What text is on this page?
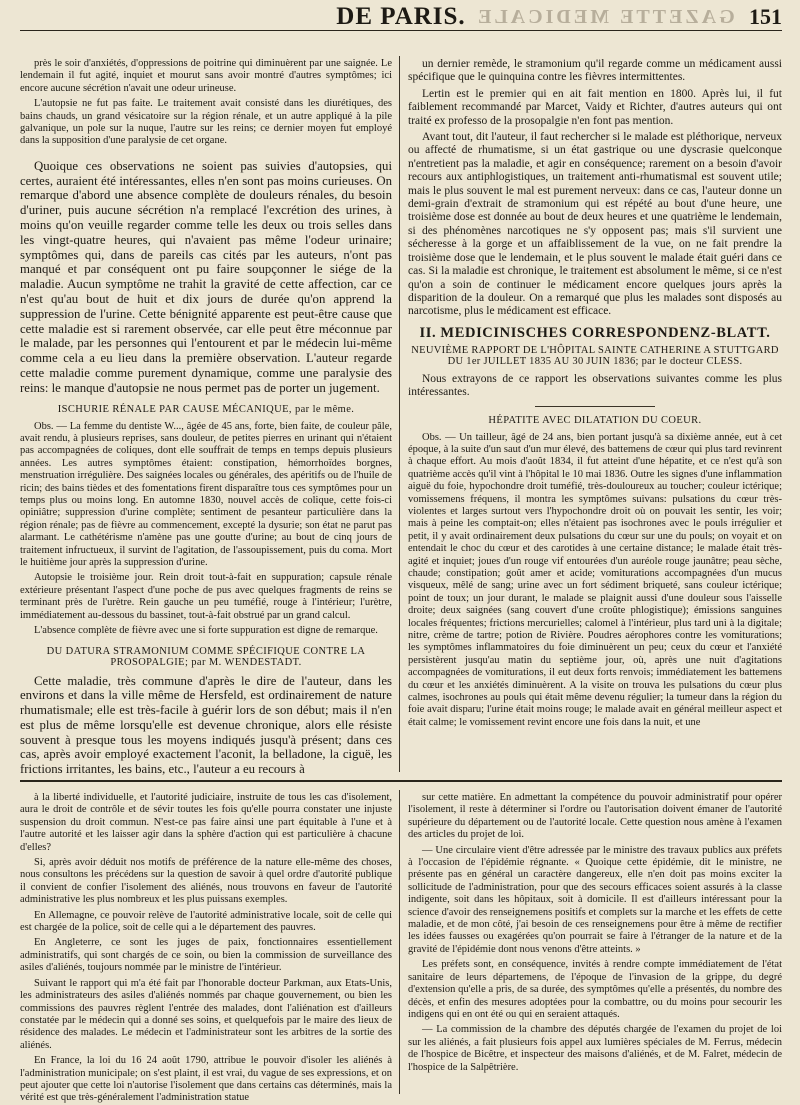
GAZETTE MEDICALE
DE PARIS.	151

près le soir d'anxiétés, d'oppressions de poitrine qui diminuèrent par une saignée. Le lendemain il fut agité, inquiet et mourut sans avoir montré d'autres symptômes; ici encore aucune sécrétion n'avait une odeur urineuse.

L'autopsie ne fut pas faite. Le traitement avait consisté dans les diurétiques, des bains chauds, un grand vésicatoire sur la région rénale, et un autre appliqué à la pile galvanique, un pole sur la nuque, l'autre sur les reins; ce dernier moyen fut employé dans la supposition d'une paralysie de cet organe.

Quoique ces observations ne soient pas suivies d'autopsies, qui certes, auraient été intéressantes, elles n'en sont pas moins curieuses. On remarque d'abord une absence complète de douleurs rénales, du besoin d'uriner, puis aucune sécrétion n'a remplacé l'excrétion des urines, à moins qu'on veuille regarder comme telle les deux ou trois selles dans les vingt-quatre heures, qui n'avaient pas même l'odeur urinaire; symptômes qui, dans de pareils cas cités par les auteurs, n'ont pas manqué et par conséquent ont pu faire soupçonner le siége de la maladie. Aucun symptôme ne trahit la gravité de cette affection, car ce n'est qu'au bout de huit et dix jours de durée qu'on apprend la suppression de l'urine. Cette bénignité apparente est peut-être cause que cette maladie est si rarement observée, car elle peut être méconnue par le malade, par les personnes qui l'entourent et par le médecin lui-même comme cela a eu lieu dans la première observation. L'auteur regarde cette maladie comme purement dynamique, comme une paralysie des reins: le manque d'autopsie ne nous permet pas de porter un jugement.

ISCHURIE RÉNALE PAR CAUSE MÉCANIQUE, par le même.

Obs. — La femme du dentiste W..., âgée de 45 ans, forte, bien faite, de couleur pâle, avait rendu, à plusieurs reprises, sans douleur, de petites pierres en urinant qui n'étaient pas accompagnées de coliques, dont elle souffrait de temps en temps depuis plusieurs années. Les autres symptômes étaient: constipation, hémorrhoïdes borgnes, menstruation irrégulière. Des saignées locales ou générales, des apéritifs ou de l'huile de ricin; des bains tièdes et des fomentations firent disparaître tous ces symptômes pour un temps plus ou moins long. En automne 1830, nouvel accès de colique, cette fois-ci opiniâtre; suppression d'urine complète; sentiment de pesanteur particulière dans la région rénale; pas de fièvre au commencement, excepté la dysurie; son état ne parut pas alarmant. Le cathétérisme n'amène pas une goutte d'urine; au bout de cinq jours de traitement infructueux, il survint de l'agitation, de l'assoupissement, puis du coma. Mort le huitième jour après la suppression d'urine.

Autopsie le troisième jour. Rein droit tout-à-fait en suppuration; capsule rénale extérieure présentant l'aspect d'une poche de pus avec quelques fragments de reins se terminant près de l'urètre. Rein gauche un peu tuméfié, rouge à l'intérieur; l'urètre, immédiatement au-dessous du bassinet, tout-à-fait obstrué par un grand calcul.

L'absence complète de fièvre avec une si forte suppuration est digne de remarque.

DU DATURA STRAMONIUM COMME SPÉCIFIQUE CONTRE LA PROSOPALGIE; par M. WENDESTADT.

Cette maladie, très commune d'après le dire de l'auteur, dans les environs et dans la ville même de Hersfeld, est ordinairement de nature rhumatismale; elle est très-facile à guérir lors de son début; mais il n'en est plus de même lorsqu'elle est devenue chronique, alors elle résiste souvent à presque tous les moyens indiqués jusqu'à présent; dans ces cas, après avoir employé exactement l'aconit, la belladone, la ciguë, les frictions irritantes, les bains, etc., l'auteur a eu recours à

un dernier remède, le stramonium qu'il regarde comme un médicament aussi spécifique que le quinquina contre les fièvres intermittentes.

Lertin est le premier qui en ait fait mention en 1800. Après lui, il fut faiblement recommandé par Marcet, Vaidy et Richter, d'autres auteurs qui ont traité ex professo de la prosopalgie n'en font pas mention.

Avant tout, dit l'auteur, il faut rechercher si le malade est pléthorique, nerveux ou affecté de rhumatisme, si un état gastrique ou une dyscrasie quelconque n'entretient pas la maladie, et agir en conséquence; rarement on a besoin d'avoir recours aux antiphlogistiques, un traitement anti-rhumatismal est souvent utile; mais le plus souvent le mal est purement nerveux: dans ce cas, l'auteur donne un demi-grain d'extrait de stramonium qui est répété au bout d'une heure, une troisième dose est donnée au bout de deux heures et une quatrième le lendemain, si des phénomènes narcotiques ne s'y opposent pas; mais s'il survient une sécheresse à la gorge et un affaiblissement de la vue, on ne fait prendre la troisième dose que le lendemain, et le plus souvent le malade était guéri dans ce cas. Si la maladie est chronique, le traitement est absolument le même, si ce n'est qu'on a soin de continuer le médicament encore quelques jours après la disparition de la douleur. On a remarqué que plus les malades sont disposés au narcotisme, plus le médicament est efficace.

II. MEDICINISCHES CORRESPONDENZ-BLATT.
NEUVIÈME RAPPORT DE L'HÔPITAL SAINTE CATHERINE A STUTTGARD DU 1er JUILLET 1835 AU 30 JUIN 1836; par le docteur CLESS.

Nous extrayons de ce rapport les observations suivantes comme les plus intéressantes.

HÉPATITE AVEC DILATATION DU COEUR.

Obs. — Un tailleur, âgé de 24 ans, bien portant jusqu'à sa dixième année, eut à cet époque, à la suite d'un saut d'un mur élevé, des battemens de cœur qui plus tard revinrent à chaque effort. Au mois d'août 1834, il fut atteint d'une hépatite, et ce n'est qu'à son quatrième accès qu'il vint à l'hôpital le 10 mai 1836. Outre les signes d'une inflammation aiguë du foie, hypochondre droit tuméfié, très-douloureux au toucher; couleur ictérique; vomissemens fréquens, il montra les symptômes suivans: pulsations du cœur très-violentes et larges surtout vers l'hypochondre droit où on pouvait les sentir, les voir; mais à peine les comptait-on; elles n'étaient pas isochrones avec le pouls irrégulier et petit, il y avait ordinairement deux pulsations du cœur sur une du pouls; on voyait et on entendait le choc du cœur et des carotides à une certaine distance; le malade était très-agité et inquiet; joues d'un rouge vif entourées d'un auréole rouge jaunâtre; peau sèche, chaude; constipation; goût amer et acide; vomiturations accompagnées d'un mucus visqueux, mêlé de sang; urine avec un fort sédiment briqueté, sans couleur ictérique; point de toux; un jour durant, le malade se plaignit aussi d'une douleur sous l'aisselle droite; deux saignées (sang couvert d'une croûte phlogistique); émissions sanguines locales fréquentes; frictions mercurielles; calomel à l'intérieur, plus tard uni à la digitale; nitre, crème de tartre; potion de Rivière. Poudres aérophores contre les vomiturations; les symptômes inflammatoires du foie diminuèrent un peu; ceux du cœur et l'anxiété persistèrent jusqu'au matin du septième jour, où, après une nuit d'agitations accompagnées de vomiturations, il eut deux forts renvois; immédiatement les battemens du cœur et les anxiétés diminuèrent. A la visite on trouva les pulsations du cœur plus calmes, isochrones au pouls qui était même devenu régulier; la tumeur dans la région du foie avait disparu; l'urine était moins rouge; le malade avait en général meilleur aspect et était calme; le vomissement revint encore une fois dans la nuit, et une

à la liberté individuelle, et l'autorité judiciaire, instruite de tous les cas d'isolement, aura le droit de contrôle et de sévir toutes les fois qu'elle pourra constater une injuste suspension du droit commun. N'est-ce pas faire ainsi une part équitable à l'une et à l'autre autorité et les laisser agir dans la sphère d'action qui est particulière à chacune d'elles?

Si, après avoir déduit nos motifs de préférence de la nature elle-même des choses, nous consultons les précédens sur la question de savoir à quel ordre d'autorité publique il convient de confier l'isolement des aliénés, nous trouvons en faveur de l'autorité administrative les plus nombreux et les plus puissans exemples.

En Allemagne, ce pouvoir relève de l'autorité administrative locale, soit de celle qui est chargée de la police, soit de celle qui a le département des pauvres.

En Angleterre, ce sont les juges de paix, fonctionnaires essentiellement administratifs, qui sont chargés de ce soin, ou bien la commission de surveillance des asiles d'aliénés, toujours nommée par le ministre de l'intérieur.

Suivant le rapport qui m'a été fait par l'honorable docteur Parkman, aux Etats-Unis, les administrateurs des asiles d'aliénés nommés par chaque gouvernement, ou bien les commissions des pauvres règlent l'entrée des malades, dont l'aliénation est d'ailleurs constatée par le médecin qui a donné ses soins, et quelquefois par le maire des lieux de résidence des malades. Le médecin et l'administrateur sont les arbitres de la sortie des aliénés.

En France, la loi du 16 24 août 1790, attribue le pouvoir d'isoler les aliénés à l'administration municipale; on s'est plaint, il est vrai, du vague de ses expressions, et on peut ajouter que cette loi n'autorise l'isolement que dans certains cas déterminés, mais la vérité est que très-généralement l'administration statue

sur cette matière. En admettant la compétence du pouvoir administratif pour opérer l'isolement, il reste à déterminer si l'ordre ou l'autorisation doivent émaner de l'autorité supérieure du département ou de l'autorité locale. Cette question nous amène à l'examen des articles du projet de loi.

— Une circulaire vient d'être adressée par le ministre des travaux publics aux préfets à l'occasion de l'épidémie régnante. « Quoique cette épidémie, dit le ministre, ne présente pas en général un caractère dangereux, elle n'en doit pas moins exciter la sollicitude de l'administration, pour que des secours efficaces soient assurés à la classe indigente, soit dans les hôpitaux, soit à domicile. Il est d'ailleurs intéressant pour la science d'avoir des renseignemens positifs et complets sur la marche et les effets de cette maladie, et de mon côté, j'ai besoin de ces renseignemens pour être à même de rectifier les idées fausses ou exagérées qu'on pourrait se faire à l'étranger de la nature et de la gravité de l'épidémie dont nous venons d'être atteints. »

Les préfets sont, en conséquence, invités à rendre compte immédiatement de l'état sanitaire de leurs départemens, de l'époque de l'invasion de la grippe, du degré d'extension qu'elle a pris, de sa durée, des symptômes qu'elle a présentés, du nombre des décès, et enfin des mesures adoptées pour la combattre, ou du moins pour secourir les indigens qui en ont été ou qui en seraient attaqués.

— La commission de la chambre des députés chargée de l'examen du projet de loi sur les aliénés, a fait plusieurs fois appel aux lumières spéciales de M. Ferrus, médecin de l'hospice de Bicêtre, et inspecteur des maisons d'aliénés, et de M. Falret, médecin de l'hospice de la Salpêtrière.
